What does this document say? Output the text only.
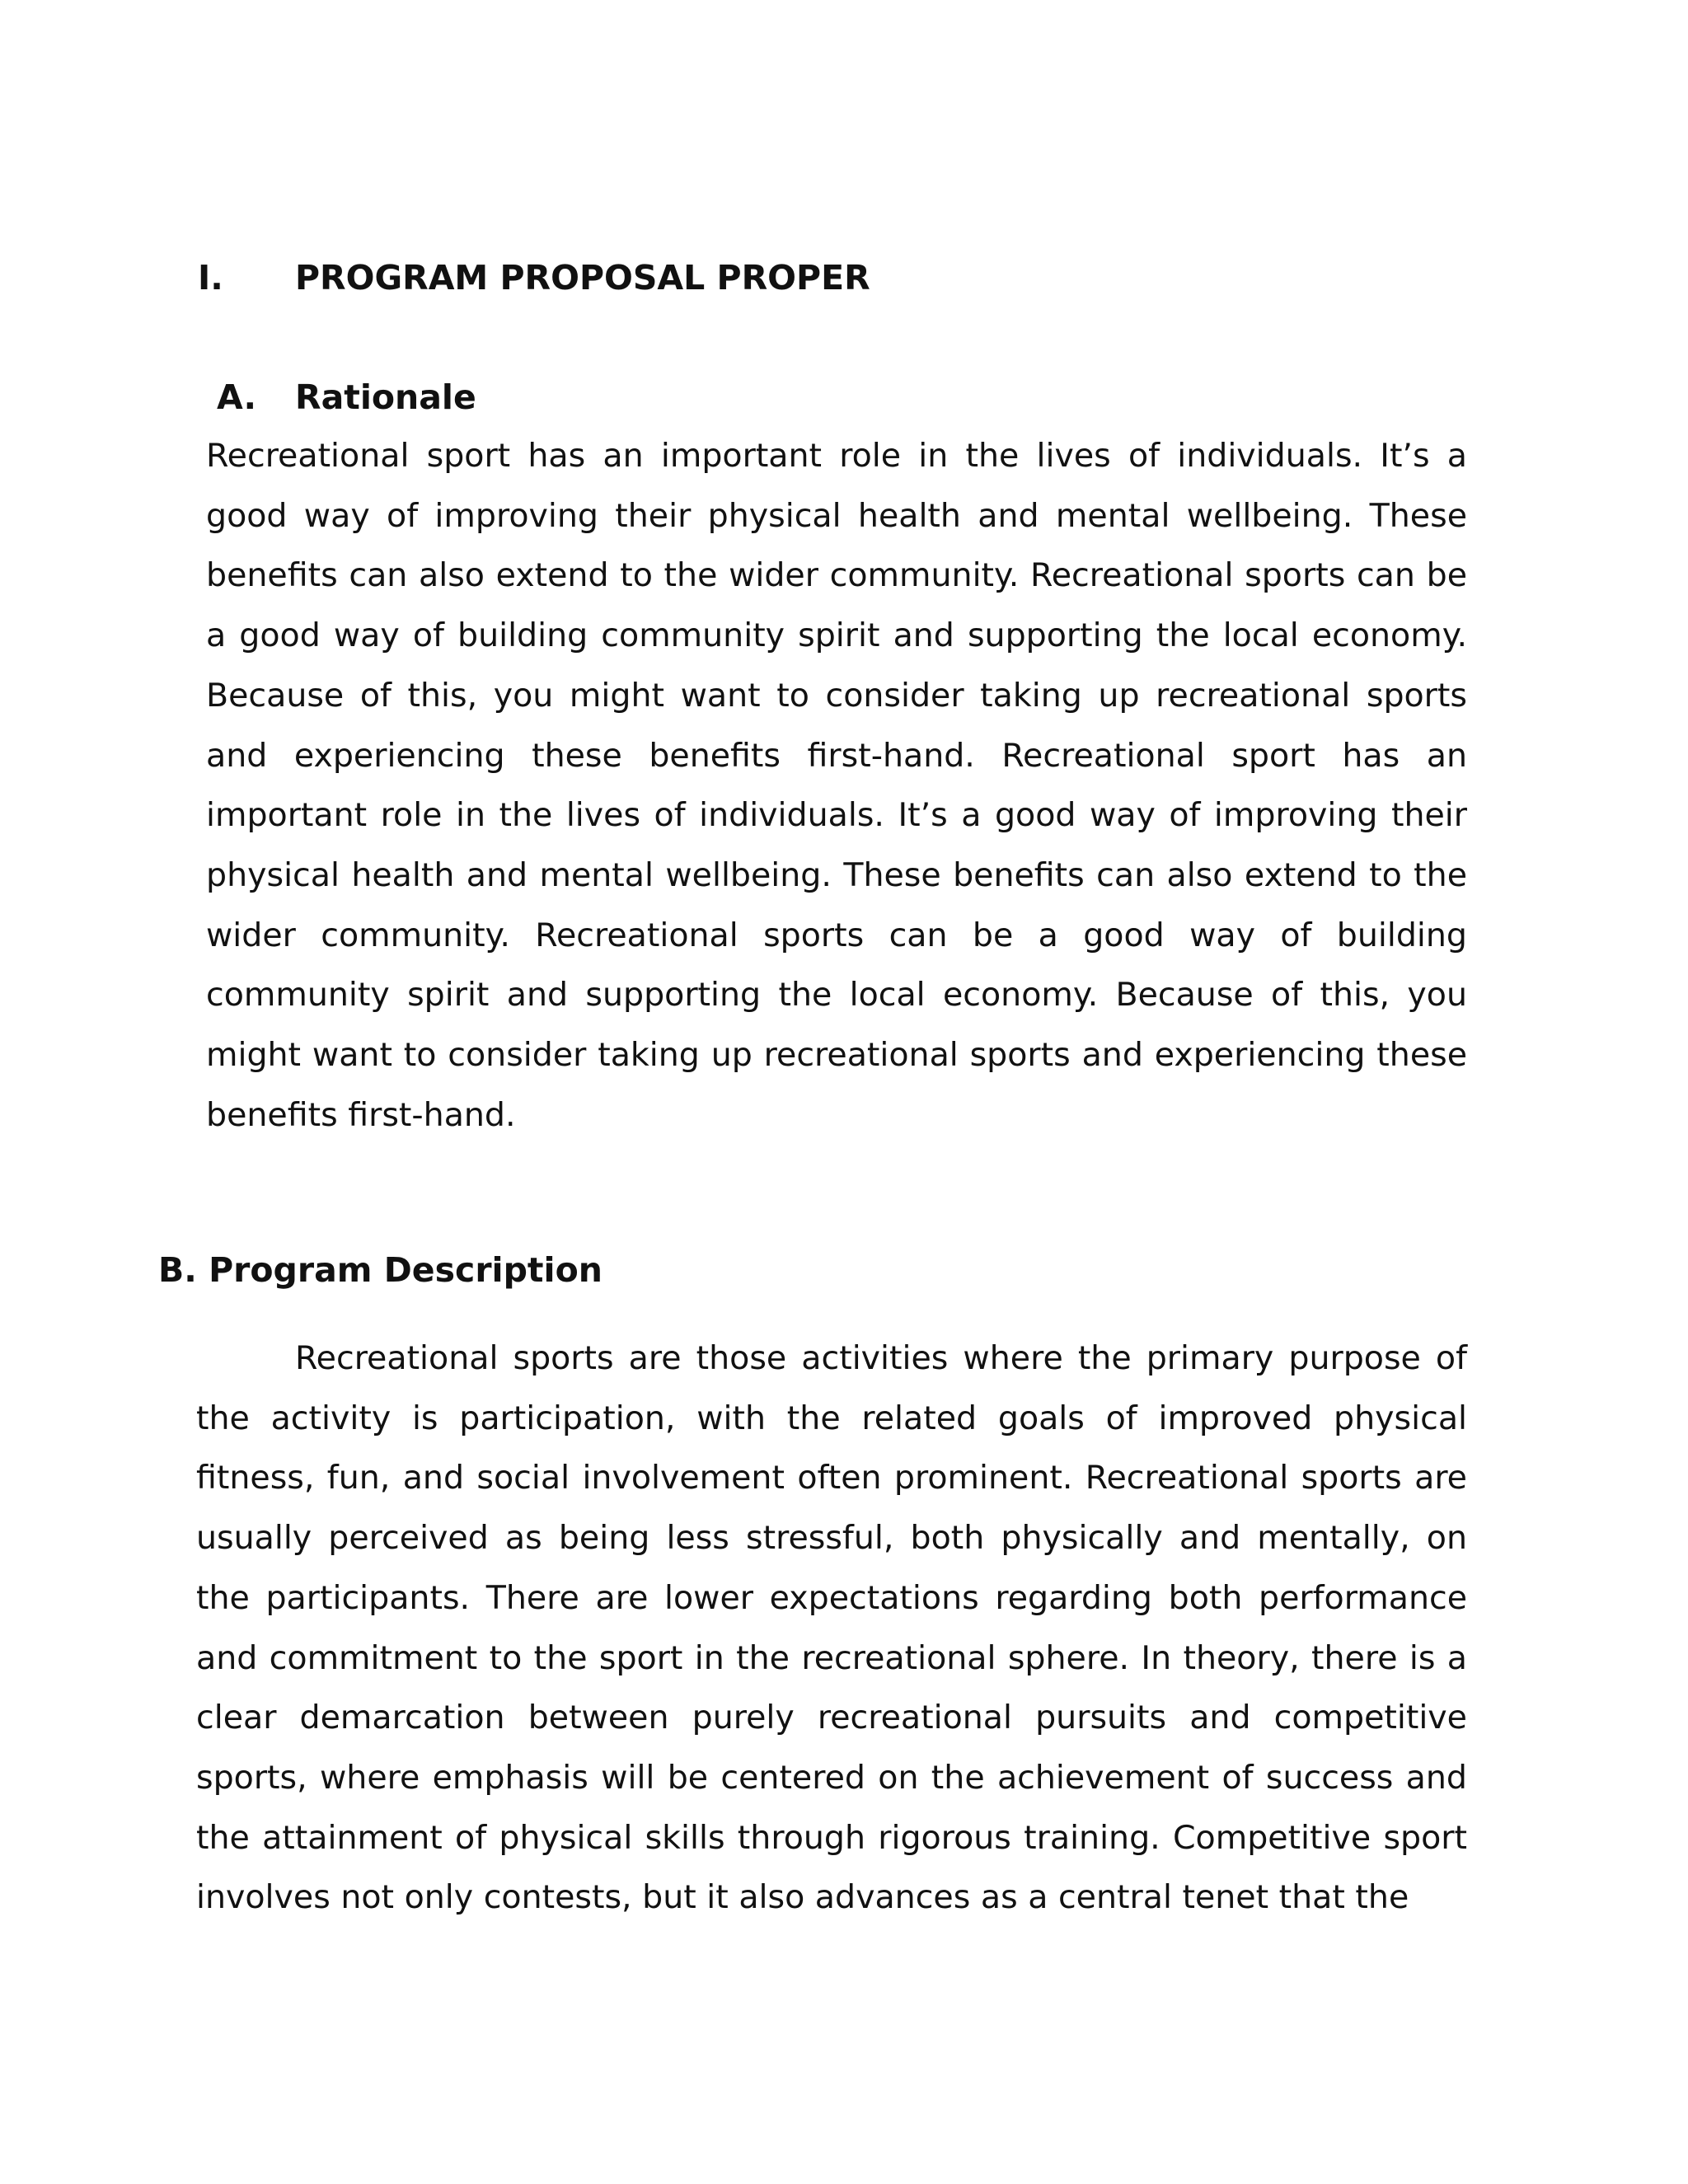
I. PROGRAM PROPOSAL PROPER
A. Rationale

Recreational sport has an important role in the lives of individuals. It’s a good way of improving their physical health and mental wellbeing. These benefits can also extend to the wider community. Recreational sports can be a good way of building community spirit and supporting the local economy. Because of this, you might want to consider taking up recreational sports and experiencing these benefits first-hand. Recreational sport has an important role in the lives of individuals. It’s a good way of improving their physical health and mental wellbeing. These benefits can also extend to the wider community. Recreational sports can be a good way of building community spirit and supporting the local economy. Because of this, you might want to consider taking up recreational sports and experiencing these benefits first-hand.

B. Program Description

Recreational sports are those activities where the primary purpose of the activity is participation, with the related goals of improved physical fitness, fun, and social involvement often prominent. Recreational sports are usually perceived as being less stressful, both physically and mentally, on the participants. There are lower expectations regarding both performance and commitment to the sport in the recreational sphere. In theory, there is a clear demarcation between purely recreational pursuits and competitive sports, where emphasis will be centered on the achievement of success and the attainment of physical skills through rigorous training. Competitive sport involves not only contests, but it also advances as a central tenet that the
